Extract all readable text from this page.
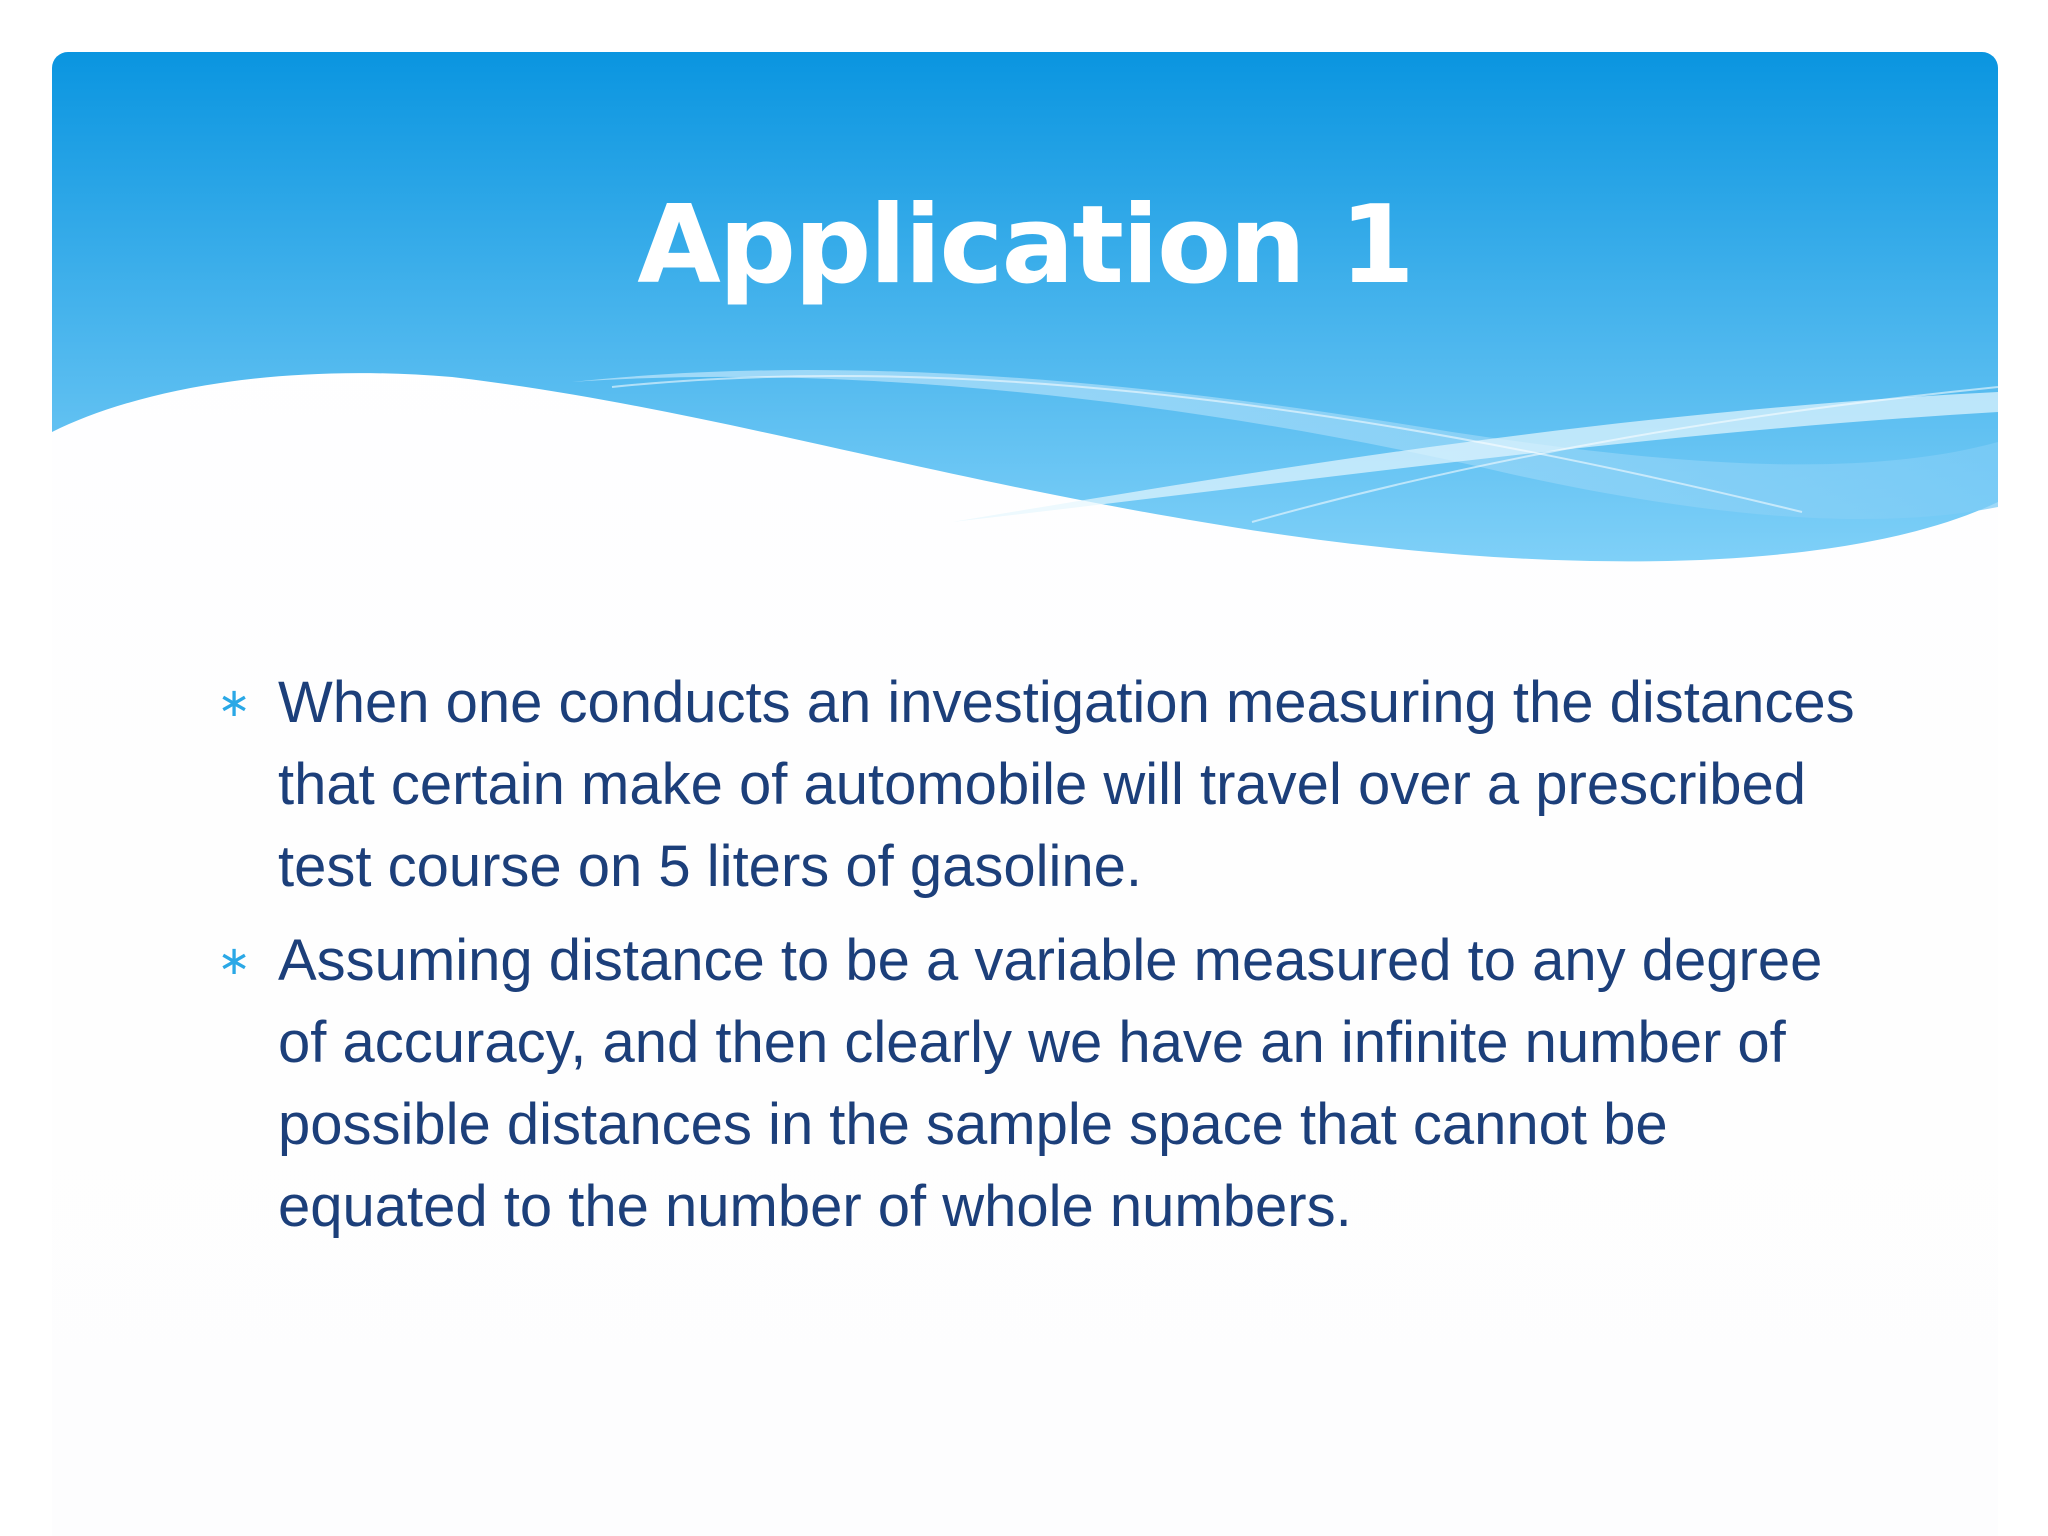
Application 1
∗ When one conducts an investigation measuring the distances that certain make of automobile will travel over a prescribed test course on 5 liters of gasoline.
∗ Assuming distance to be a variable measured to any degree of accuracy, and then clearly we have an infinite number of possible distances in the sample space that cannot be equated to the number of whole numbers.
